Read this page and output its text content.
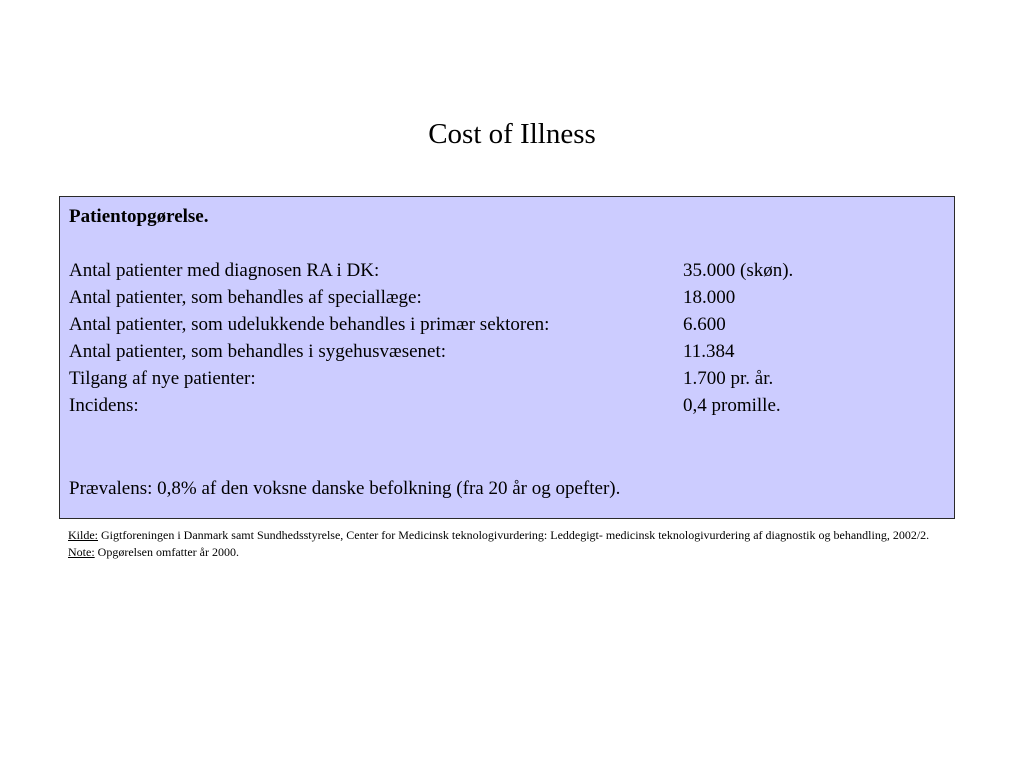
Cost of Illness
Patientopgørelse.
Antal patienter med diagnosen RA i DK:	35.000 (skøn).
Antal patienter, som behandles af speciallæge:	18.000
Antal patienter, som udelukkende behandles i primær sektoren:	6.600
Antal patienter, som behandles i sygehusvæsenet:	11.384
Tilgang af nye patienter:	1.700 pr. år.
Incidens:	0,4 promille.
Prævalens: 0,8% af den voksne danske befolkning (fra 20 år og opefter).
Kilde: Gigtforeningen i Danmark samt Sundhedsstyrelse, Center for Medicinsk teknologivurdering: Leddegigt- medicinsk teknologivurdering af diagnostik og behandling, 2002/2.
Note: Opgørelsen omfatter år 2000.
